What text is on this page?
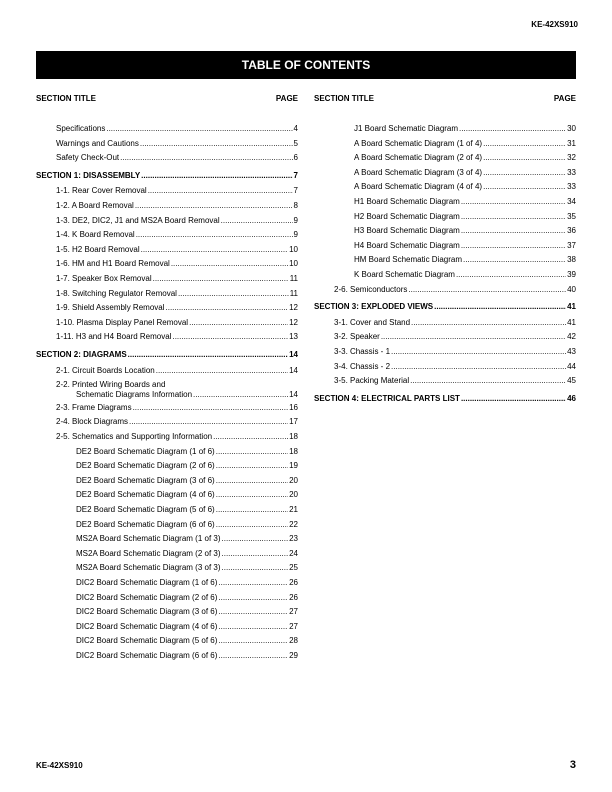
KE-42XS910
TABLE OF CONTENTS
SECTION TITLE	PAGE SECTION TITLE	PAGE
Specifications .....	4
Warnings and Cautions .....	5
Safety Check-Out .....	6
SECTION 1: DISASSEMBLY .....	7
1-1. Rear Cover Removal .....	7
1-2. A Board Removal .....	8
1-3. DE2, DIC2, J1 and MS2A Board Removal .....	9
1-4. K Board Removal .....	9
1-5. H2 Board Removal .....	10
1-6. HM and H1 Board Removal .....	10
1-7. Speaker Box Removal .....	11
1-8. Switching Regulator Removal .....	11
1-9. Shield Assembly Removal .....	12
1-10. Plasma Display Panel Removal .....	12
1-11. H3 and H4 Board Removal .....	13
SECTION 2: DIAGRAMS .....	14
2-1. Circuit Boards Location .....	14
2-2. Printed Wiring Boards and
Schematic Diagrams Information .....	14
2-3. Frame Diagrams .....	16
2-4. Block Diagrams .....	17
2-5. Schematics and Supporting Information .....	18
DE2 Board Schematic Diagram (1 of 6) .....	18
DE2 Board Schematic Diagram (2 of 6) .....	19
DE2 Board Schematic Diagram (3 of 6) .....	20
DE2 Board Schematic Diagram (4 of 6) .....	20
DE2 Board Schematic Diagram (5 of 6) .....	21
DE2 Board Schematic Diagram (6 of 6) .....	22
MS2A Board Schematic Diagram (1 of 3) .....	23
MS2A Board Schematic Diagram (2 of 3) .....	24
MS2A Board Schematic Diagram (3 of 3) .....	25
DIC2 Board Schematic Diagram (1 of 6) .....	26
DIC2 Board Schematic Diagram (2 of 6) .....	26
DIC2 Board Schematic Diagram (3 of 6) .....	27
DIC2 Board Schematic Diagram (4 of 6) .....	27
DIC2 Board Schematic Diagram (5 of 6) .....	28
DIC2 Board Schematic Diagram (6 of 6) .....	29
J1 Board Schematic Diagram .....	30
A Board Schematic Diagram (1 of 4) .....	31
A Board Schematic Diagram (2 of 4) .....	32
A Board Schematic Diagram (3 of 4) .....	33
A Board Schematic Diagram (4 of 4) .....	33
H1 Board Schematic Diagram .....	34
H2 Board Schematic Diagram .....	35
H3 Board Schematic Diagram .....	36
H4 Board Schematic Diagram .....	37
HM Board Schematic Diagram .....	38
K Board Schematic Diagram .....	39
2-6. Semiconductors .....	40
SECTION 3: EXPLODED VIEWS .....	41
3-1. Cover and Stand .....	41
3-2. Speaker .....	42
3-3. Chassis - 1 .....	43
3-4. Chassis - 2 .....	44
3-5. Packing Material .....	45
SECTION 4: ELECTRICAL PARTS LIST .....	46
KE-42XS910	3
